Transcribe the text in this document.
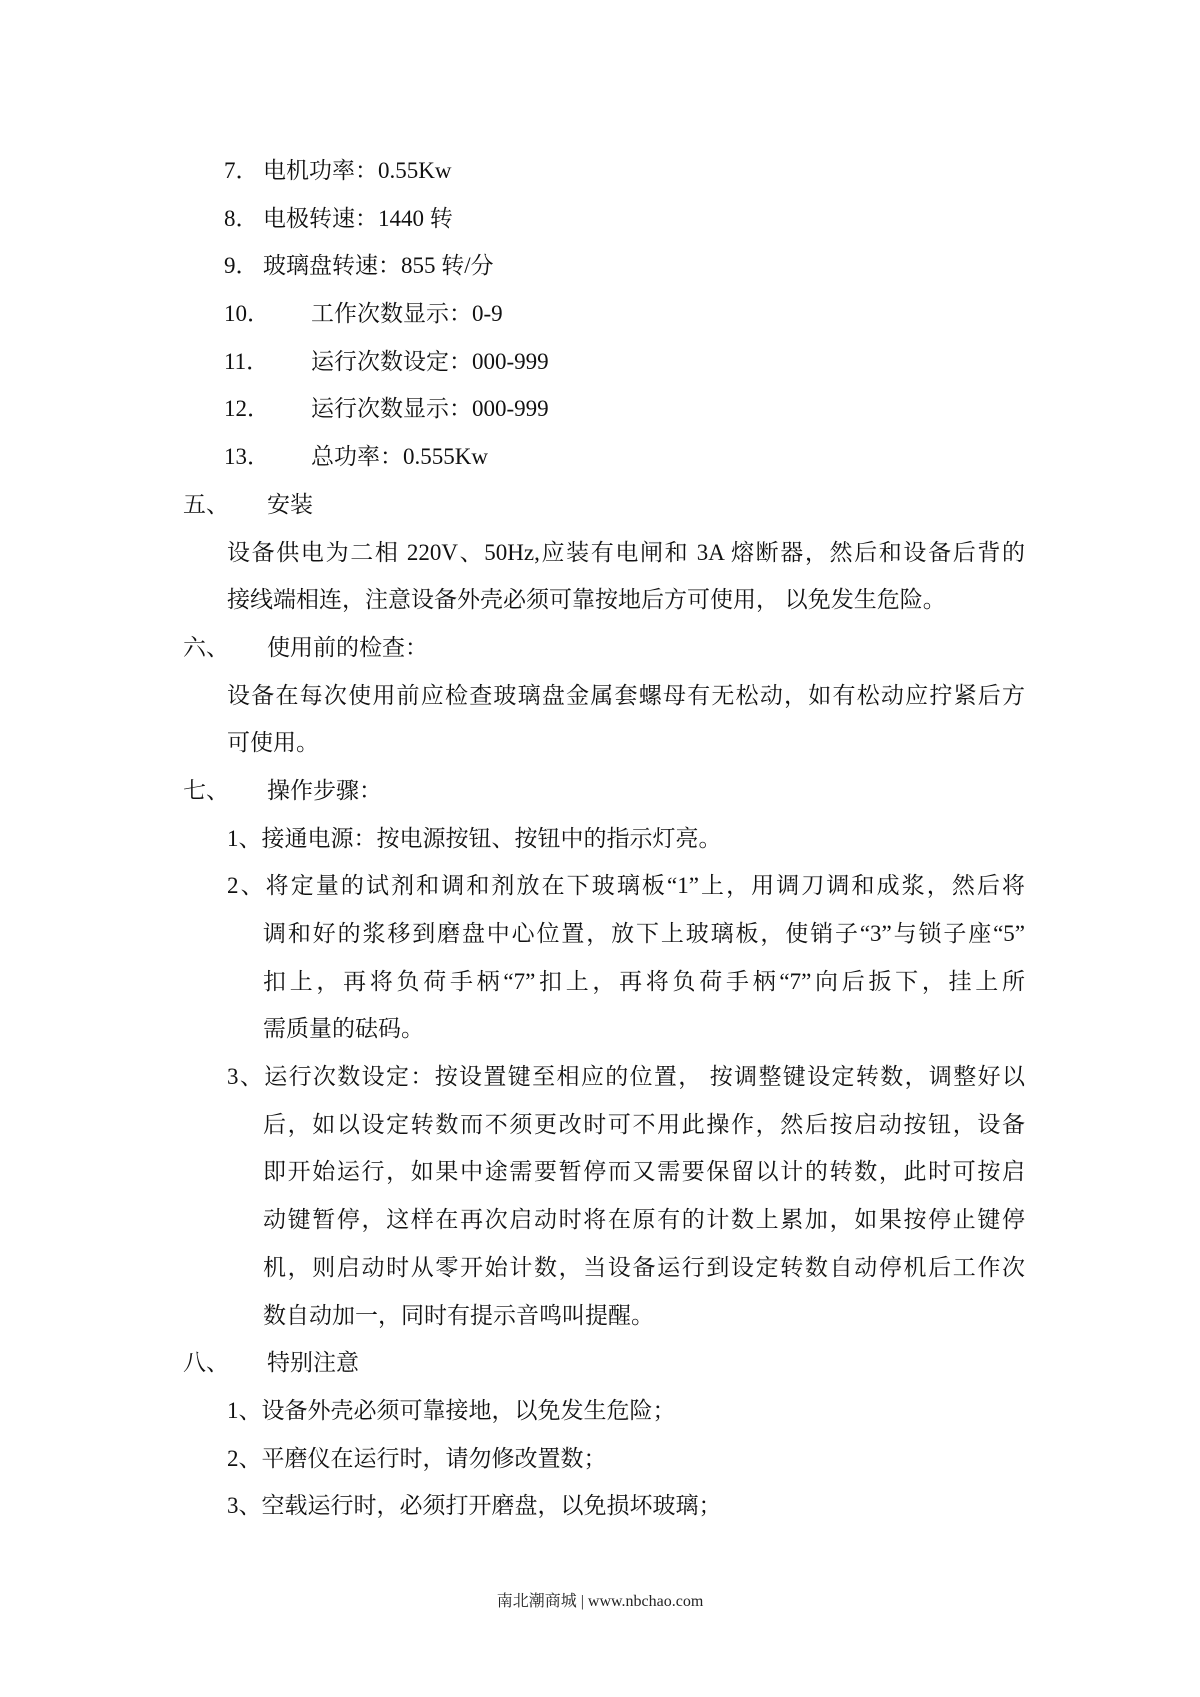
7． 电机功率：0.55Kw
8． 电极转速：1440 转
9． 玻璃盘转速：855 转/分
10． 工作次数显示：0-9
11． 运行次数设定：000-999
12． 运行次数显示：000-999
13． 总功率：0.555Kw
五、 安装
设备供电为二相 220V、50Hz,应装有电闸和 3A 熔断器，然后和设备后背的
接线端相连，注意设备外壳必须可靠按地后方可使用， 以免发生危险。
六、 使用前的检查：
设备在每次使用前应检查玻璃盘金属套螺母有无松动，如有松动应拧紧后方
可使用。
七、 操作步骤：
1、接通电源：按电源按钮、按钮中的指示灯亮。
2、将定量的试剂和调和剂放在下玻璃板“1”上，用调刀调和成浆，然后将
调和好的浆移到磨盘中心位置，放下上玻璃板，使销子“3”与锁子座“5”
扣上，再将负荷手柄“7”扣上，再将负荷手柄“7”向后扳下，挂上所
需质量的砝码。
3、运行次数设定：按设置键至相应的位置， 按调整键设定转数，调整好以
后，如以设定转数而不须更改时可不用此操作，然后按启动按钮，设备
即开始运行，如果中途需要暂停而又需要保留以计的转数，此时可按启
动键暂停，这样在再次启动时将在原有的计数上累加，如果按停止键停
机，则启动时从零开始计数，当设备运行到设定转数自动停机后工作次
数自动加一，同时有提示音鸣叫提醒。
八、 特别注意
1、设备外壳必须可靠接地，以免发生危险；
2、平磨仪在运行时，请勿修改置数；
3、空载运行时，必须打开磨盘，以免损坏玻璃；
南北潮商城 | www.nbchao.com
